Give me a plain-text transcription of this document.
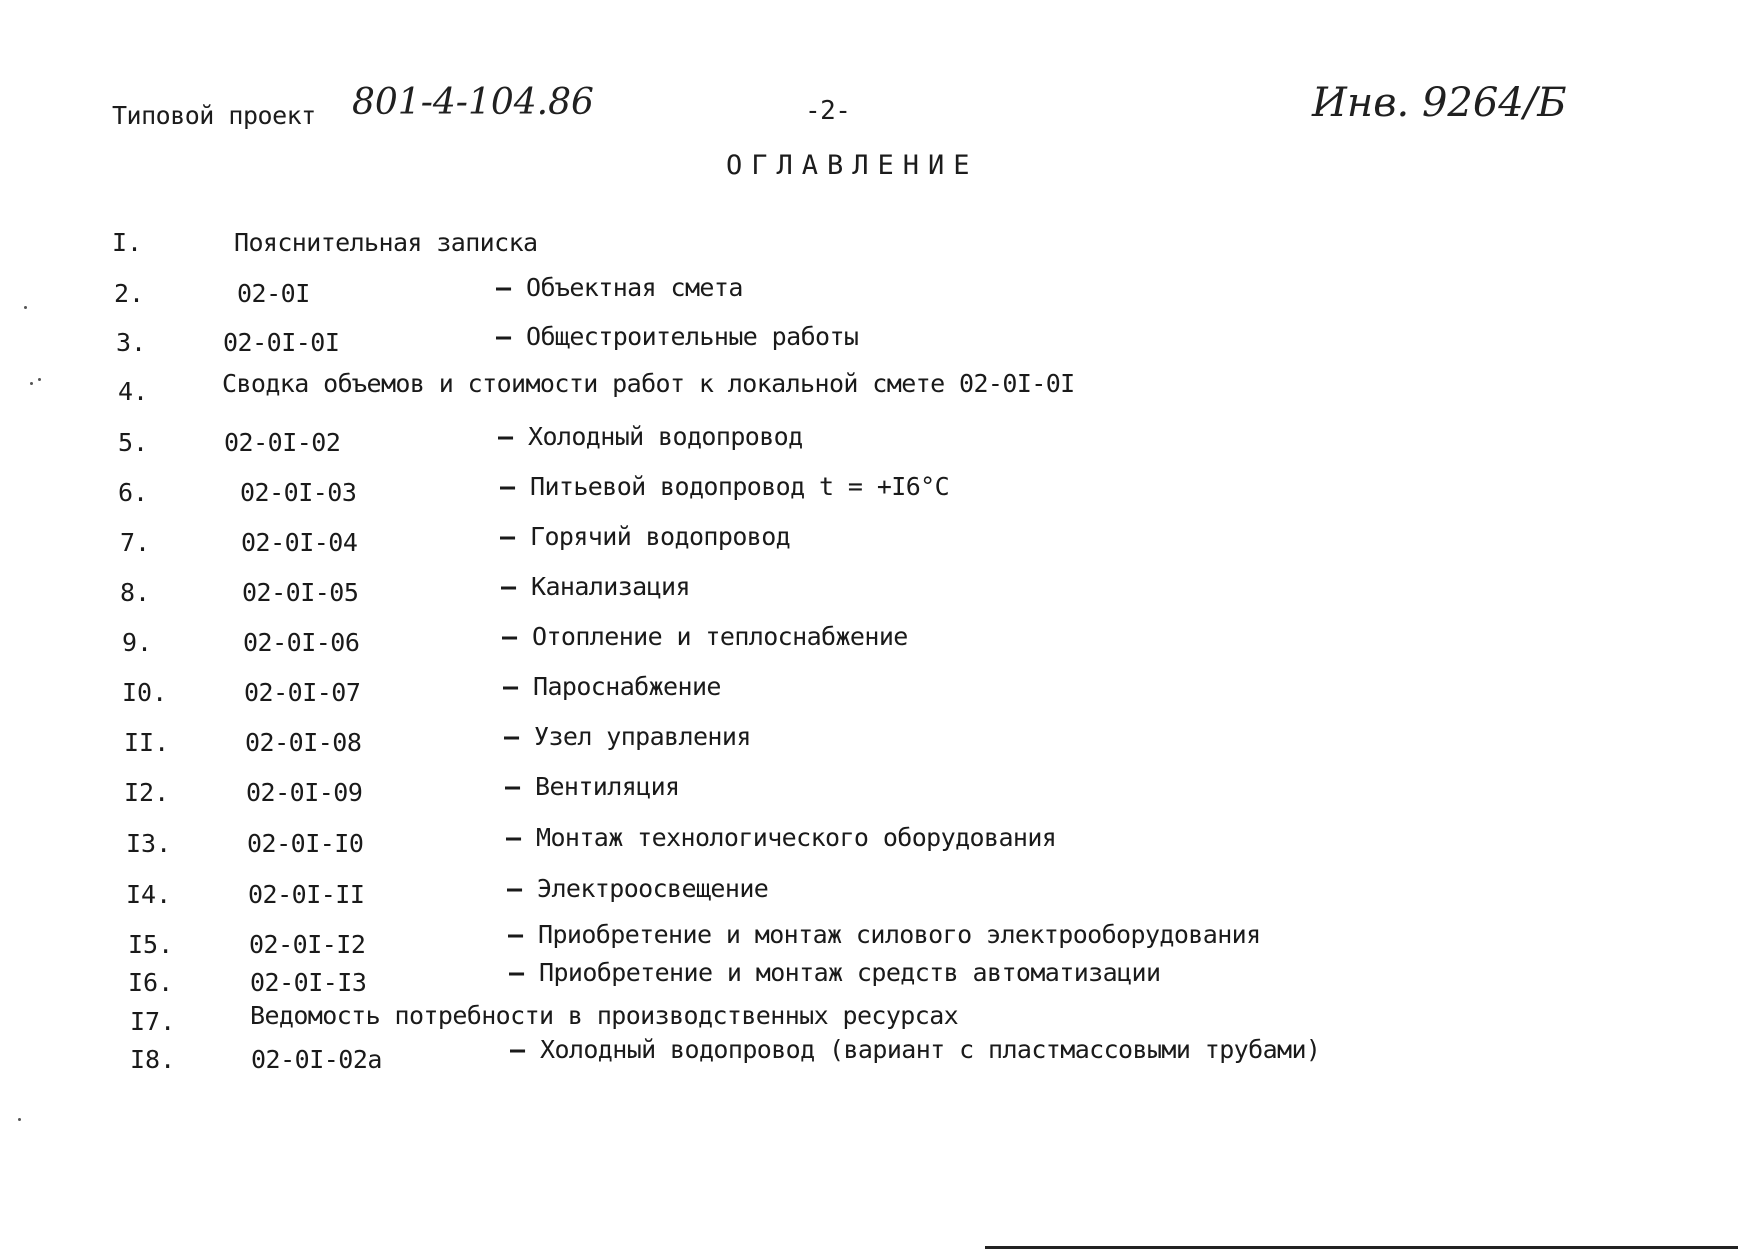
Типовой проект 801-4-104.86	-2-	Инв. 9264/Б
ОГЛАВЛЕНИЕ
I.	Пояснительная записка
2.	02-0I	– Объектная смета
3.	02-0I-0I	– Общестроительные работы
4.	Сводка объемов и стоимости работ к локальной смете 02-0I-0I
5.	02-0I-02	– Холодный водопровод
6.	02-0I-03	– Питьевой водопровод t = +I6°C
7.	02-0I-04	– Горячий водопровод
8.	02-0I-05	– Канализация
9.	02-0I-06	– Отопление и теплоснабжение
I0.	02-0I-07	– Пароснабжение
II.	02-0I-08	– Узел управления
I2.	02-0I-09	– Вентиляция
I3.	02-0I-I0	– Монтаж технологического оборудования
I4.	02-0I-II	– Электроосвещение
I5.	02-0I-I2	– Приобретение и монтаж силового электрооборудования
I6.	02-0I-I3	– Приобретение и монтаж средств автоматизации
I7.	Ведомость потребности в производственных ресурсах
I8.	02-0I-02а	– Холодный водопровод (вариант с пластмассовыми трубами)
